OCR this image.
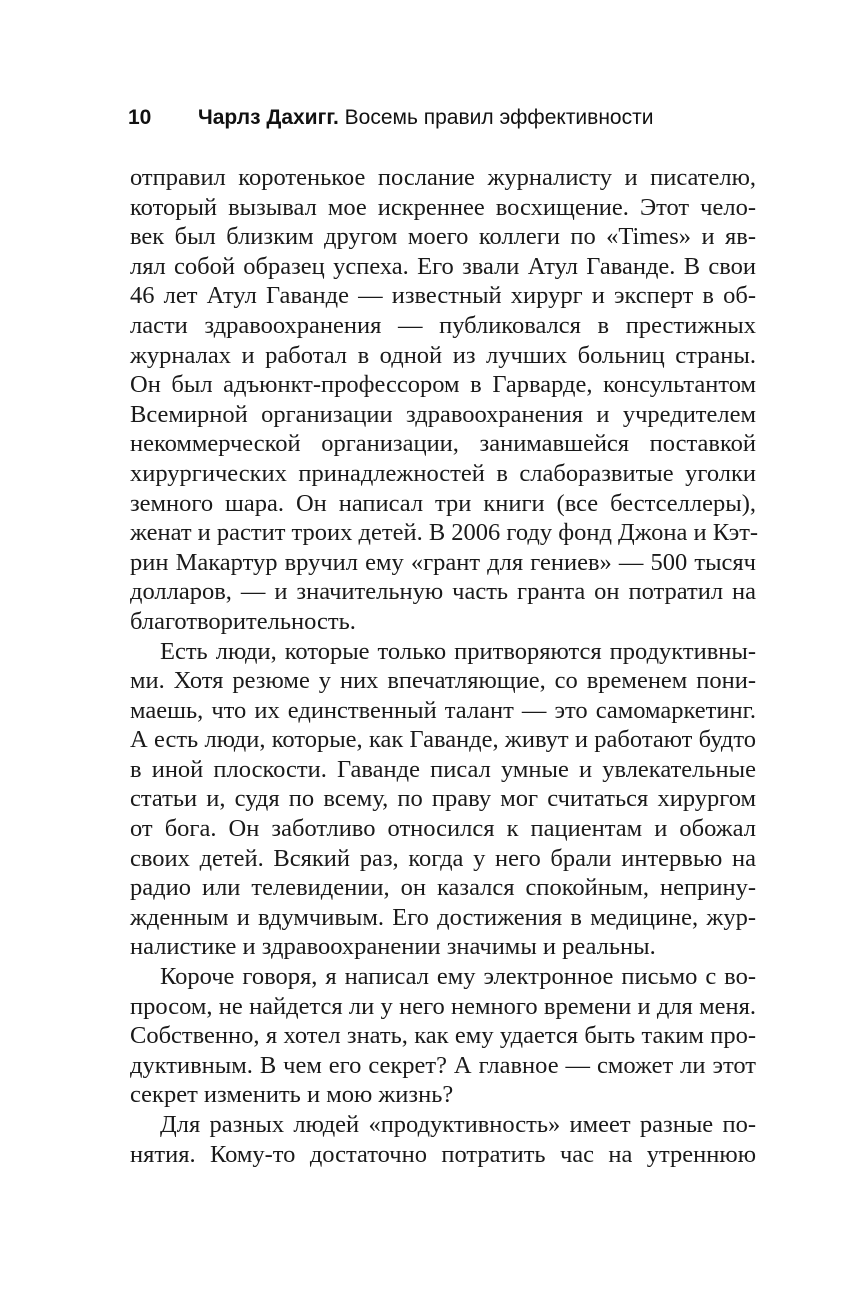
10 Чарлз Дахигг. Восемь правил эффективности
отправил коротенькое послание журналисту и писателю,
который вызывал мое искреннее восхищение. Этот чело-
век был близким другом моего коллеги по «Times» и яв-
лял собой образец успеха. Его звали Атул Гаванде. В свои
46 лет Атул Гаванде — известный хирург и эксперт в об-
ласти здравоохранения — публиковался в престижных
журналах и работал в одной из лучших больниц страны.
Он был адъюнкт-профессором в Гарварде, консультантом
Всемирной организации здравоохранения и учредителем
некоммерческой организации, занимавшейся поставкой
хирургических принадлежностей в слаборазвитые уголки
земного шара. Он написал три книги (все бестселлеры),
женат и растит троих детей. В 2006 году фонд Джона и Кэт-
рин Макартур вручил ему «грант для гениев» — 500 тысяч
долларов, — и значительную часть гранта он потратил на
благотворительность.
Есть люди, которые только притворяются продуктивны-
ми. Хотя резюме у них впечатляющие, со временем пони-
маешь, что их единственный талант — это самомаркетинг.
А есть люди, которые, как Гаванде, живут и работают будто
в иной плоскости. Гаванде писал умные и увлекательные
статьи и, судя по всему, по праву мог считаться хирургом
от бога. Он заботливо относился к пациентам и обожал
своих детей. Всякий раз, когда у него брали интервью на
радио или телевидении, он казался спокойным, неприну-
жденным и вдумчивым. Его достижения в медицине, жур-
налистике и здравоохранении значимы и реальны.
Короче говоря, я написал ему электронное письмо с во-
просом, не найдется ли у него немного времени и для меня.
Собственно, я хотел знать, как ему удается быть таким про-
дуктивным. В чем его секрет? А главное — сможет ли этот
секрет изменить и мою жизнь?
Для разных людей «продуктивность» имеет разные по-
нятия. Кому-то достаточно потратить час на утреннюю
